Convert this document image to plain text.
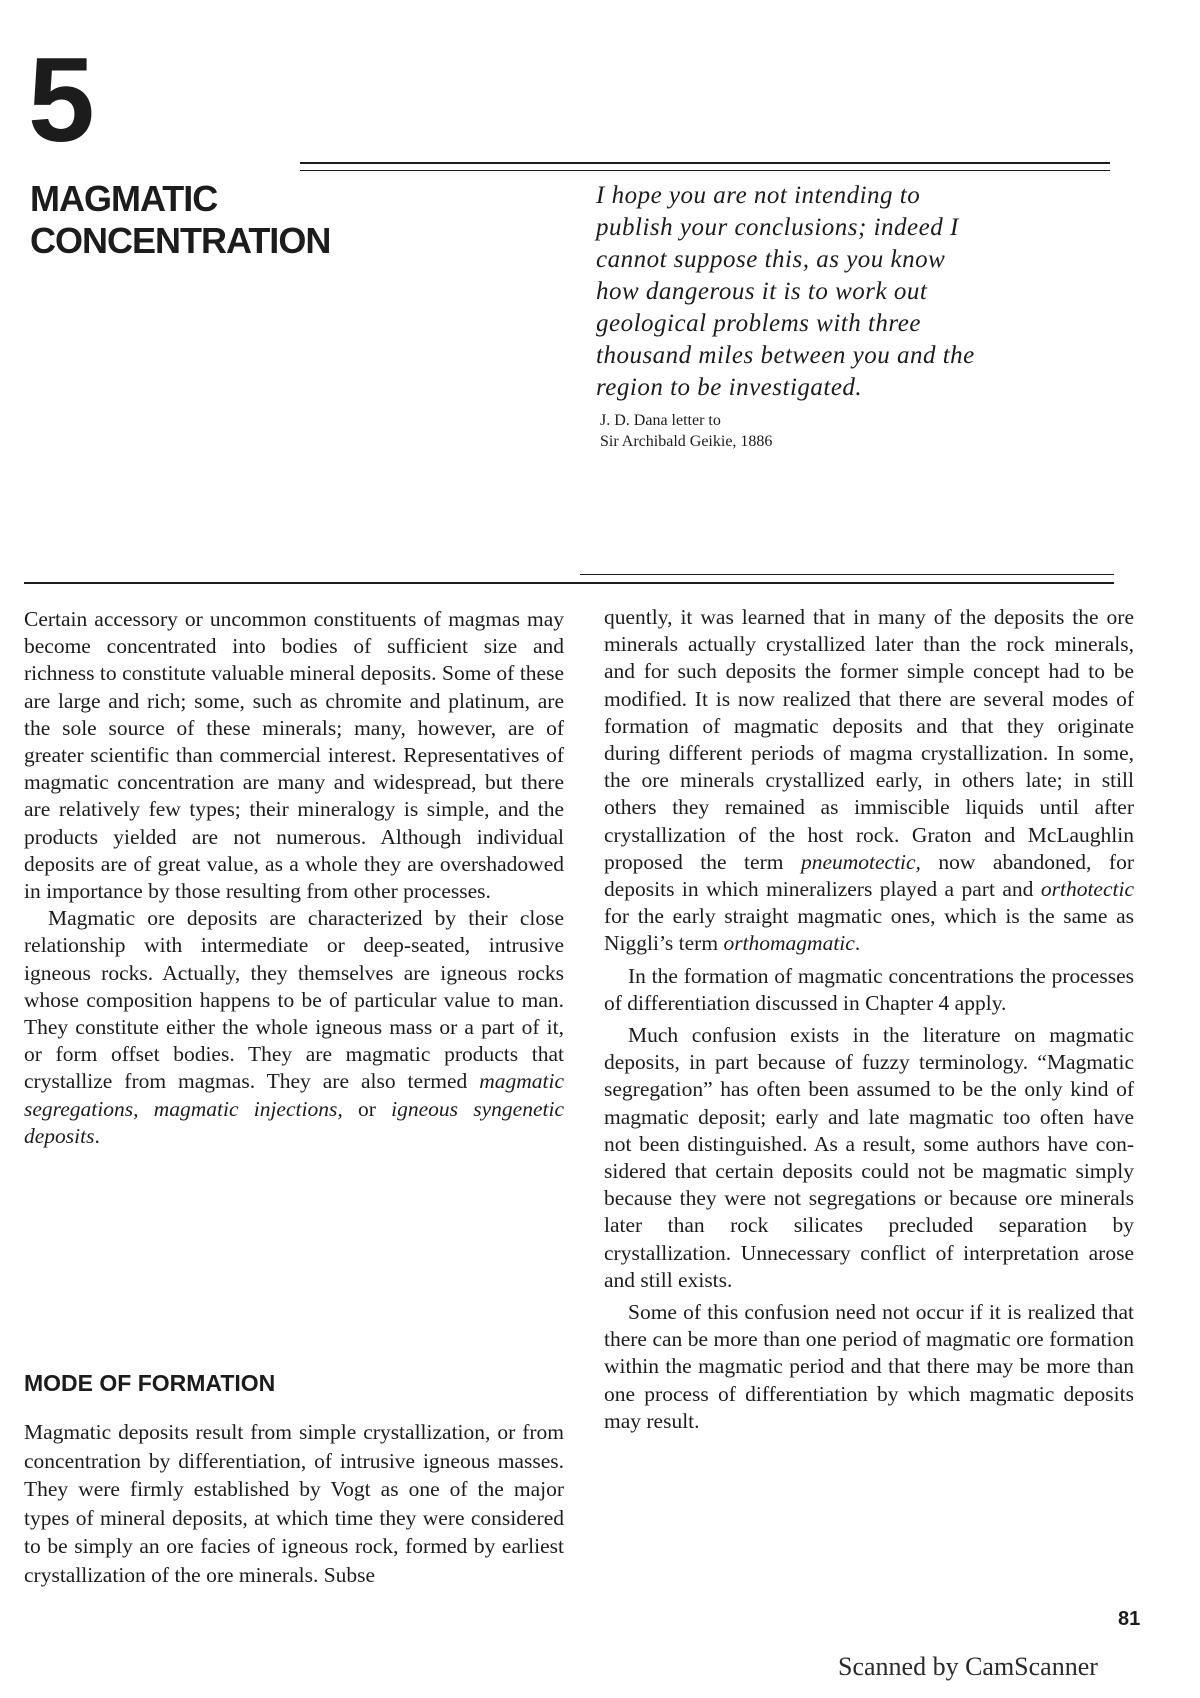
5
MAGMATIC
CONCENTRATION
I hope you are not intending to
publish your conclusions; indeed I
cannot suppose this, as you know
how dangerous it is to work out
geological problems with three
thousand miles between you and the
region to be investigated.
J. D. Dana letter to
Sir Archibald Geikie, 1886

Certain accessory or uncommon constituents of magmas may become concentrated into bodies of sufficient size and richness to constitute valuable mineral deposits. Some of these are large and rich; some, such as chromite and platinum, are the sole source of these minerals; many, however, are of greater scientific than commercial interest. Representatives of magmatic concentration are many and widespread, but there are relatively few types; their mineralogy is simple, and the products yielded are not numerous. Although individual deposits are of great value, as a whole they are overshadowed in importance by those resulting from other processes.

Magmatic ore deposits are characterized by their close relationship with intermediate or deep-seated, intrusive igneous rocks. Actually, they themselves are igneous rocks whose composition happens to be of particular value to man. They constitute either the whole igneous mass or a part of it, or form offset bodies. They are magmatic products that crystallize from magmas. They are also termed magmatic segregations, magmatic injections, or igneous syngenetic deposits.

MODE OF FORMATION

Magmatic deposits result from simple crystallization, or from concentration by differentiation, of intrusive igneous masses. They were firmly established by Vogt as one of the major types of mineral deposits, at which time they were considered to be simply an ore facies of igneous rock, formed by earliest crystallization of the ore minerals. Subse

quently, it was learned that in many of the deposits the ore minerals actually crystallized later than the rock minerals, and for such deposits the former simple concept had to be modified. It is now realized that there are several modes of formation of magmatic deposits and that they originate during different periods of magma crystallization. In some, the ore minerals crystallized early, in others late; in still others they remained as immiscible liquids until after crystallization of the host rock. Graton and McLaughlin proposed the term pneumotectic, now abandoned, for deposits in which mineralizers played a part and orthotectic for the early straight magmatic ones, which is the same as Niggli’s term orthomagmatic.

In the formation of magmatic concentrations the processes of differentiation discussed in Chapter 4 apply.

Much confusion exists in the literature on magmatic deposits, in part because of fuzzy terminology. “Magmatic segregation” has often been assumed to be the only kind of magmatic deposit; early and late magmatic too often have not been distinguished. As a result, some authors have considered that certain deposits could not be magmatic simply because they were not segregations or because ore minerals later than rock silicates precluded separation by crystallization. Unnecessary conflict of interpretation arose and still exists.

Some of this confusion need not occur if it is realized that there can be more than one period of magmatic ore formation within the magmatic period and that there may be more than one process of differentiation by which magmatic deposits may result.

81
Scanned by CamScanner
